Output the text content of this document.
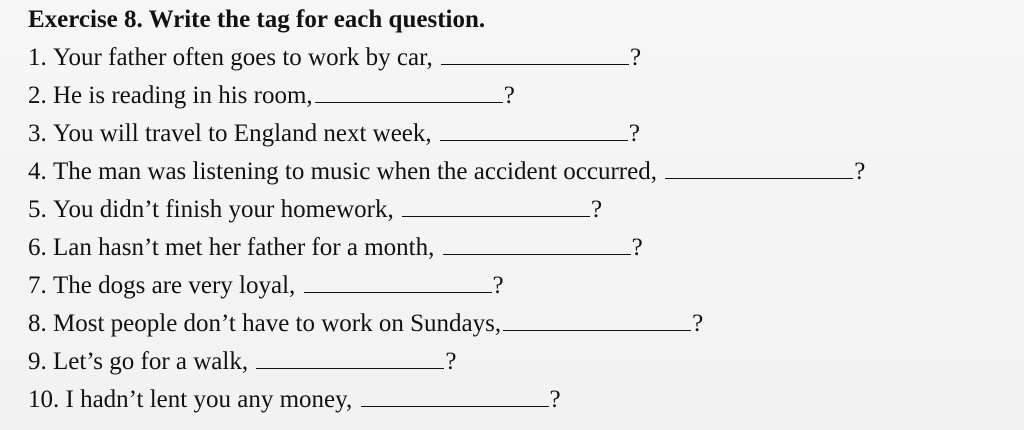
Exercise 8. Write the tag for each question.
1.
Your father often goes to work by car,
	?
2.
He is reading in his room,	?
3.
You will travel to England next week,
	?
4.
The man was listening to music when the accident occurred,
	?
5.
You didn’t finish your homework,
	?
6.
Lan hasn’t met her father for a month,
	?
7.
The dogs are very loyal,
	?
8.
Most people don’t have to work on Sundays,	?
9.
Let’s go for a walk,
	?
10.
I hadn’t lent you any money,
	?
